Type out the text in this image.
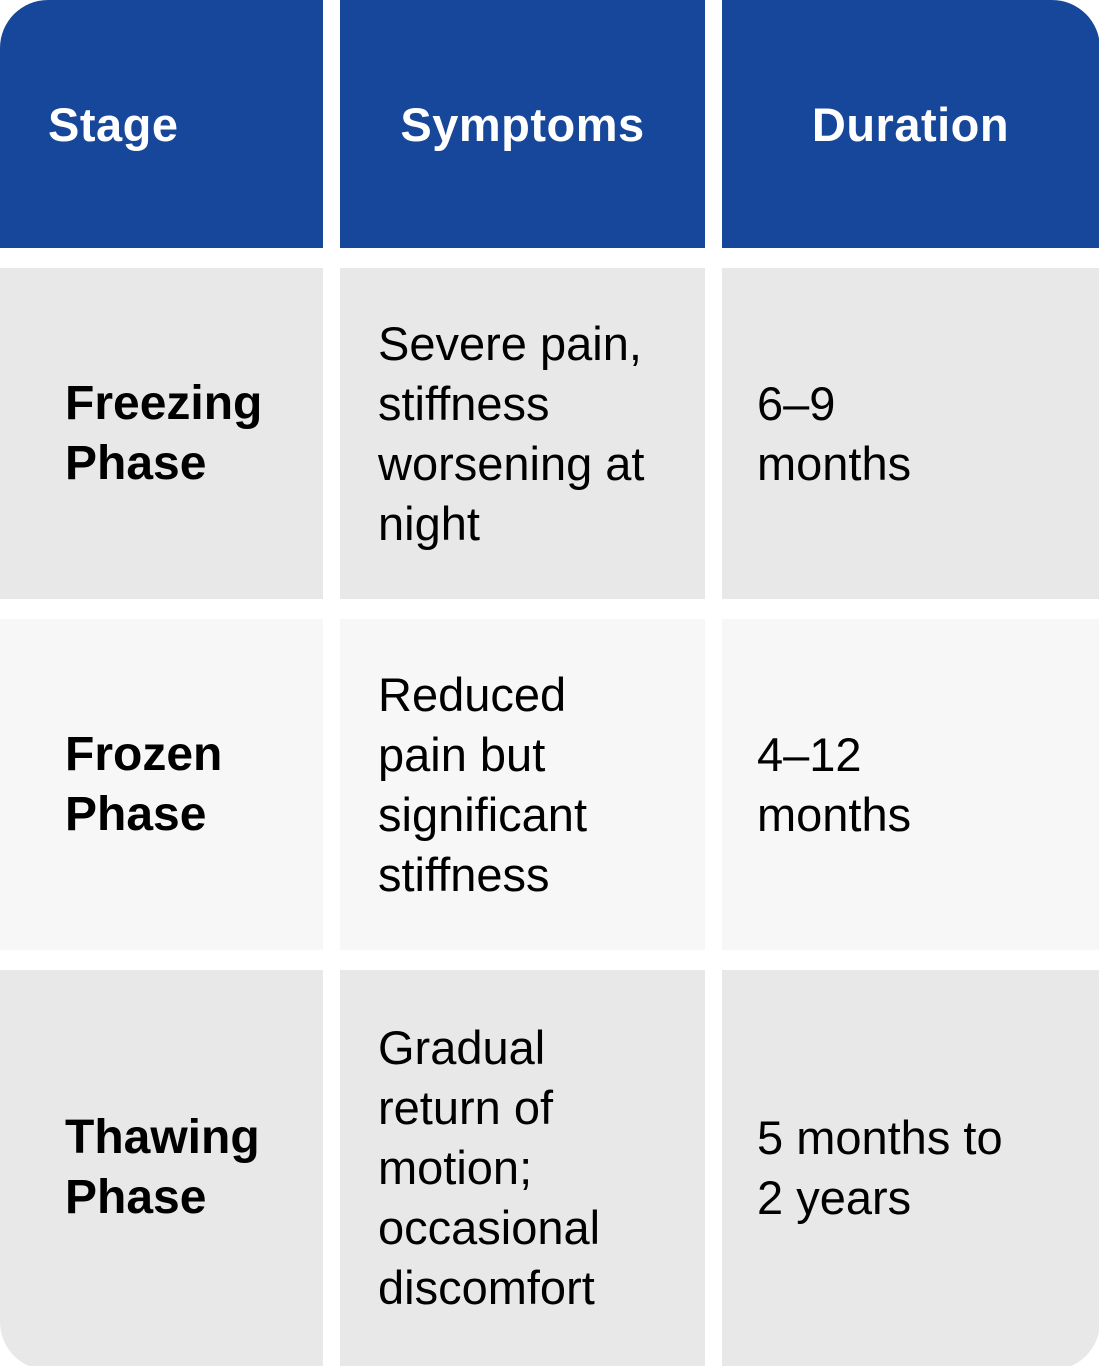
Stage	Symptoms	Duration
Freezing Phase
Severe pain, stiffness worsening at night
6–9 months
Frozen Phase
Reduced pain but significant stiffness
4–12 months
Thawing Phase
Gradual return of motion; occasional discomfort
5 months to 2 years
